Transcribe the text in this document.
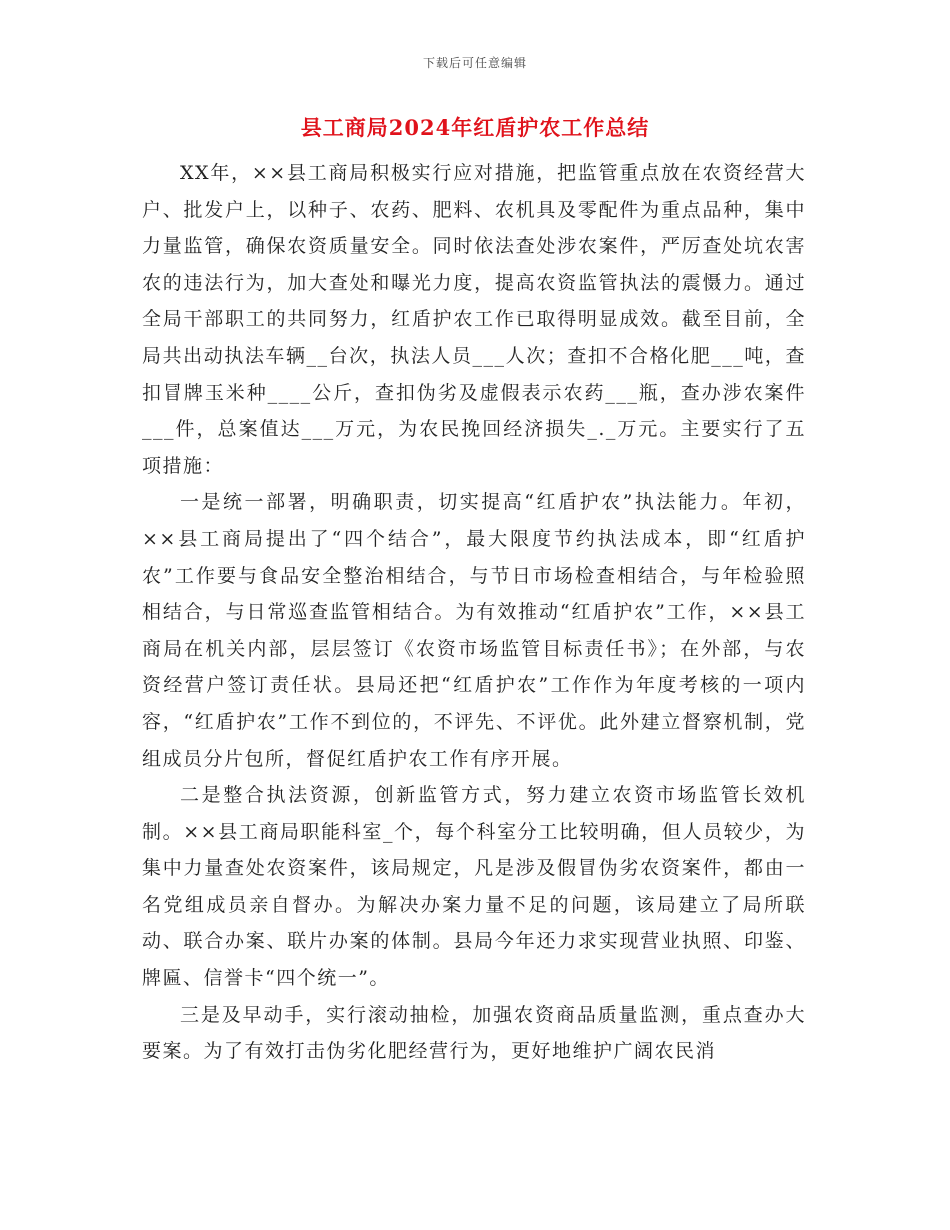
下载后可任意编辑
县工商局2024年红盾护农工作总结

XX年，××县工商局积极实行应对措施，把监管重点放在农资经营大户、批发户上，以种子、农药、肥料、农机具及零配件为重点品种，集中力量监管，确保农资质量安全。同时依法查处涉农案件，严厉查处坑农害农的违法行为，加大查处和曝光力度，提高农资监管执法的震慑力。通过全局干部职工的共同努力，红盾护农工作已取得明显成效。截至目前，全局共出动执法车辆__台次，执法人员___人次；查扣不合格化肥___吨，查扣冒牌玉米种____公斤，查扣伪劣及虚假表示农药___瓶，查办涉农案件___件，总案值达___万元，为农民挽回经济损失_._万元。主要实行了五项措施：

一是统一部署，明确职责，切实提高“红盾护农”执法能力。年初，××县工商局提出了“四个结合”，最大限度节约执法成本，即“红盾护农”工作要与食品安全整治相结合，与节日市场检查相结合，与年检验照相结合，与日常巡查监管相结合。为有效推动“红盾护农”工作，××县工商局在机关内部，层层签订《农资市场监管目标责任书》；在外部，与农资经营户签订责任状。县局还把“红盾护农”工作作为年度考核的一项内容，“红盾护农”工作不到位的，不评先、不评优。此外建立督察机制，党组成员分片包所，督促红盾护农工作有序开展。

二是整合执法资源，创新监管方式，努力建立农资市场监管长效机制。××县工商局职能科室_个，每个科室分工比较明确，但人员较少，为集中力量查处农资案件，该局规定，凡是涉及假冒伪劣农资案件，都由一名党组成员亲自督办。为解决办案力量不足的问题，该局建立了局所联动、联合办案、联片办案的体制。县局今年还力求实现营业执照、印鉴、牌匾、信誉卡“四个统一”。

三是及早动手，实行滚动抽检，加强农资商品质量监测，重点查办大要案。为了有效打击伪劣化肥经营行为，更好地维护广阔农民消
